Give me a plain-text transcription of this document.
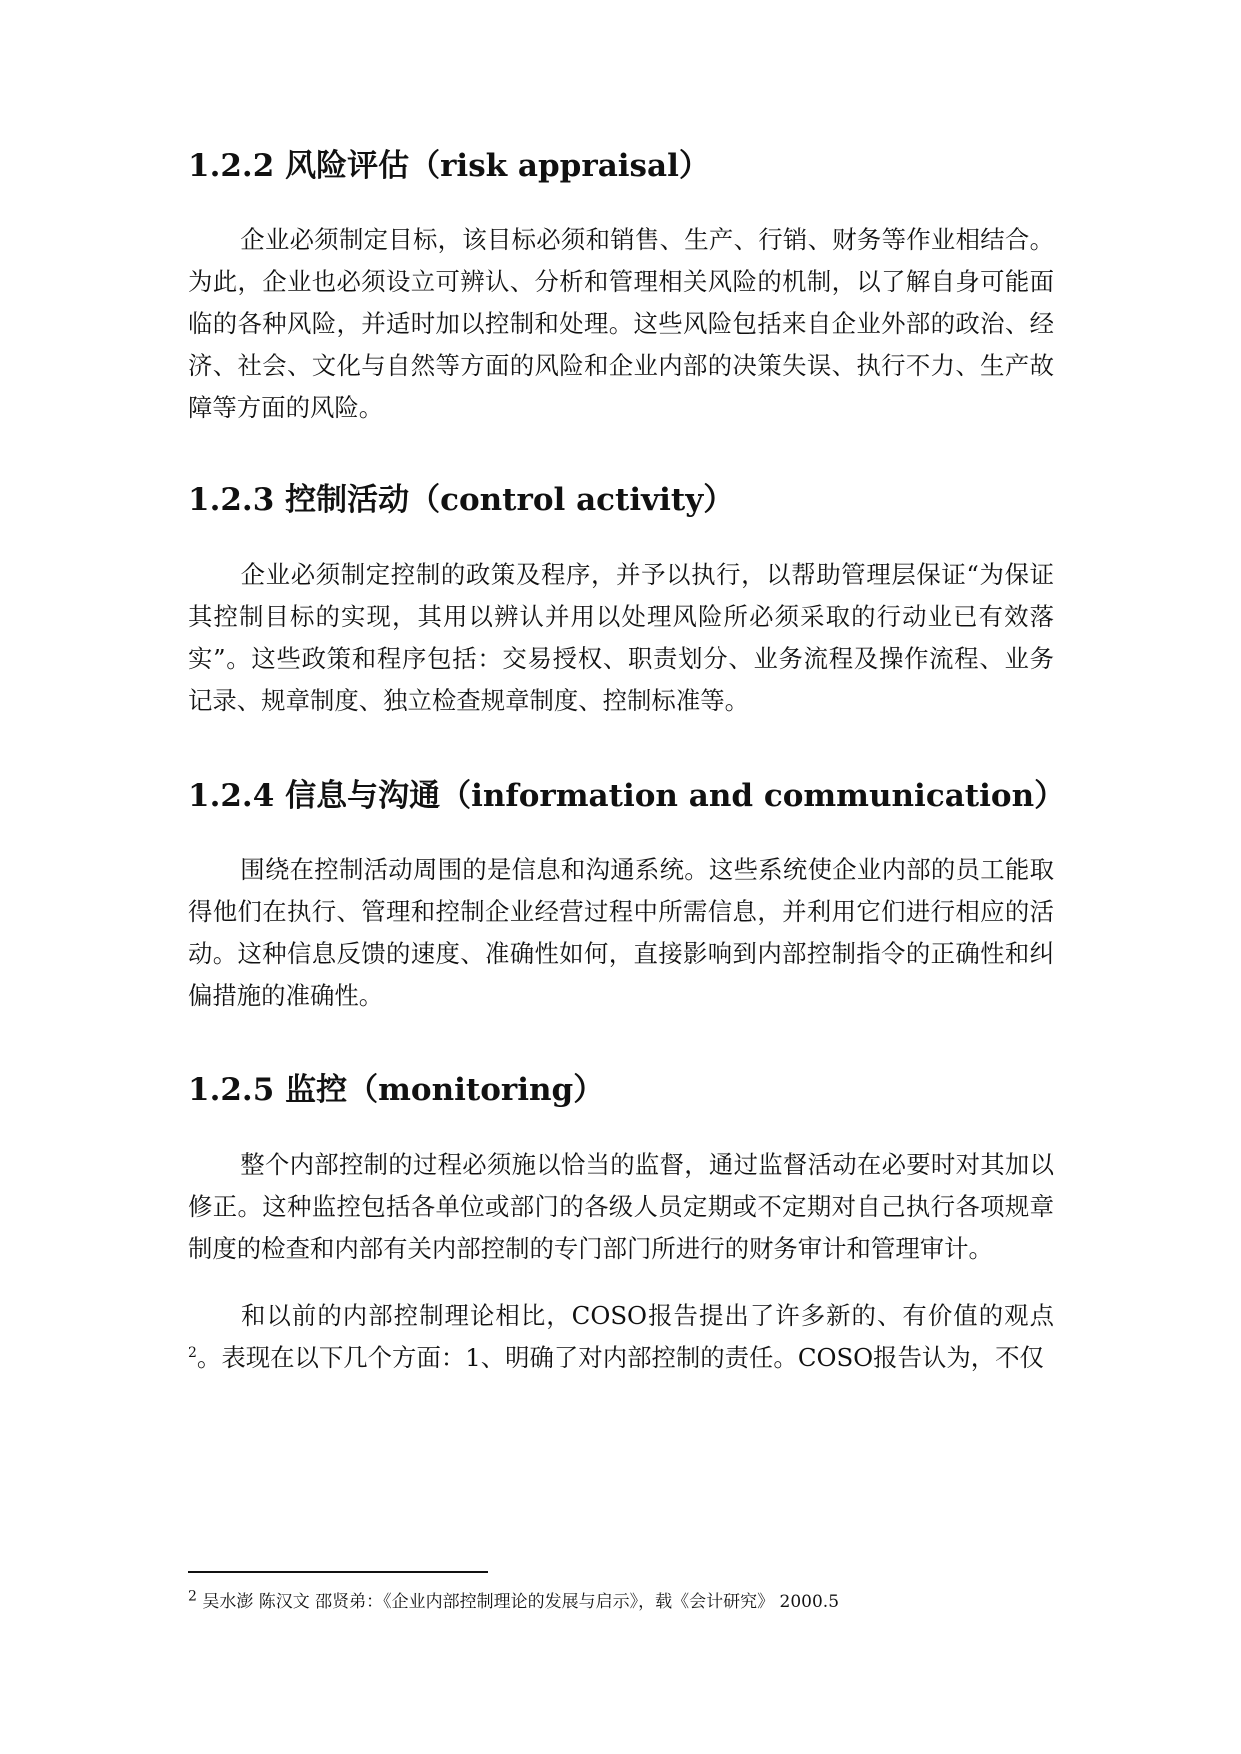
1.2.2 风险评估（risk appraisal）

企业必须制定目标，该目标必须和销售、生产、行销、财务等作业相结合。为此，企业也必须设立可辨认、分析和管理相关风险的机制，以了解自身可能面临的各种风险，并适时加以控制和处理。这些风险包括来自企业外部的政治、经济、社会、文化与自然等方面的风险和企业内部的决策失误、执行不力、生产故障等方面的风险。

1.2.3 控制活动（control activity）

企业必须制定控制的政策及程序，并予以执行，以帮助管理层保证“为保证其控制目标的实现，其用以辨认并用以处理风险所必须采取的行动业已有效落实”。这些政策和程序包括：交易授权、职责划分、业务流程及操作流程、业务记录、规章制度、独立检查规章制度、控制标准等。

1.2.4 信息与沟通（information and communication）

围绕在控制活动周围的是信息和沟通系统。这些系统使企业内部的员工能取得他们在执行、管理和控制企业经营过程中所需信息，并利用它们进行相应的活动。这种信息反馈的速度、准确性如何，直接影响到内部控制指令的正确性和纠偏措施的准确性。

1.2.5 监控（monitoring）

整个内部控制的过程必须施以恰当的监督，通过监督活动在必要时对其加以修正。这种监控包括各单位或部门的各级人员定期或不定期对自己执行各项规章制度的检查和内部有关内部控制的专门部门所进行的财务审计和管理审计。

和以前的内部控制理论相比，COSO报告提出了许多新的、有价值的观点$^2$。表现在以下几个方面：1、明确了对内部控制的责任。COSO报告认为，不仅

$^2$ 吴水澎 陈汉文 邵贤弟：《企业内部控制理论的发展与启示》，载《会计研究》 2000.5
